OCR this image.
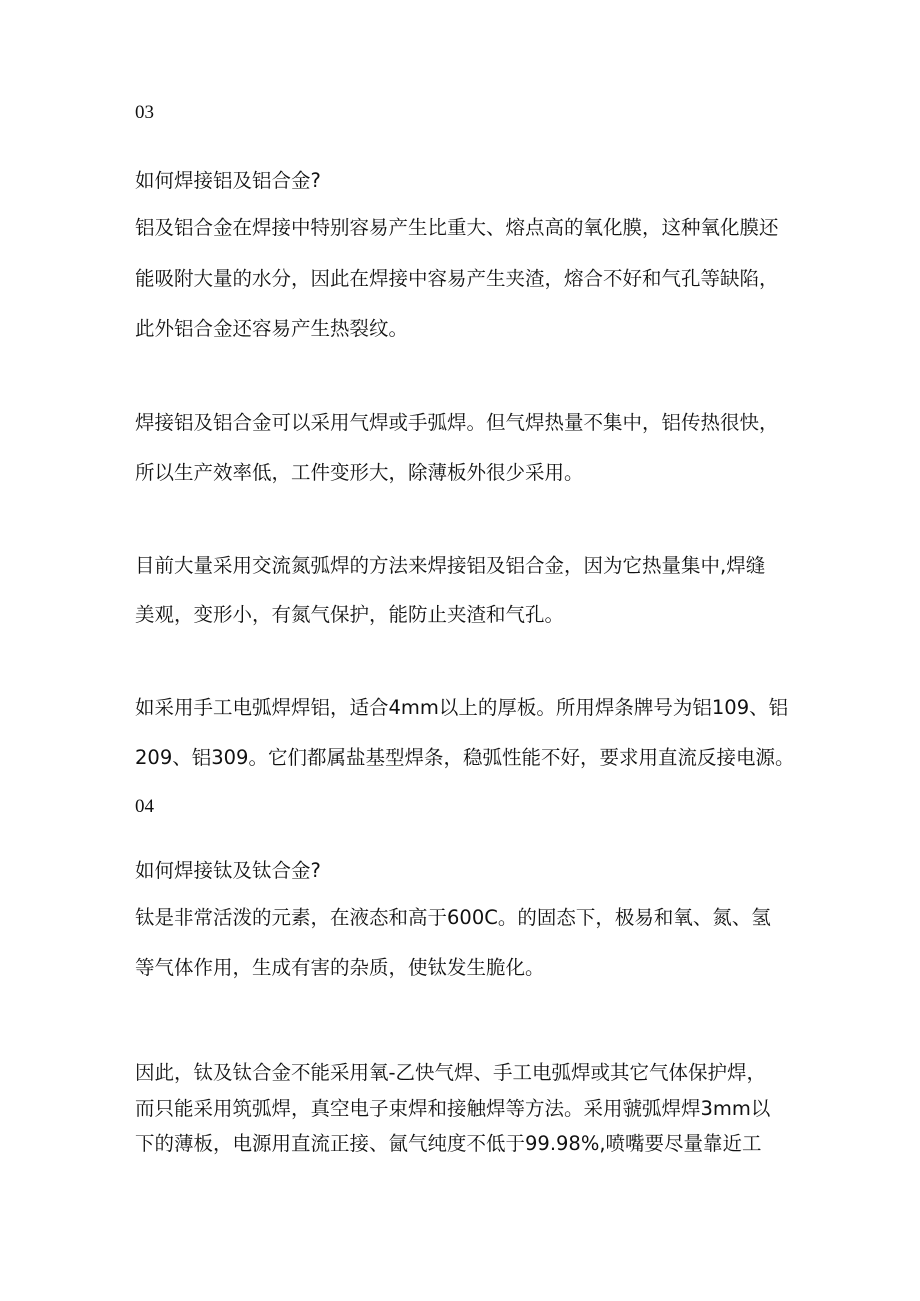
03

如何焊接铝及铝合金?

铝及铝合金在焊接中特别容易产生比重大、熔点高的氧化膜，这种氧化膜还

能吸附大量的水分，因此在焊接中容易产生夹渣，熔合不好和气孔等缺陷，

此外铝合金还容易产生热裂纹。

焊接铝及铝合金可以采用气焊或手弧焊。但气焊热量不集中，铝传热很快，

所以生产效率低，工件变形大，除薄板外很少采用。

目前大量采用交流氮弧焊的方法来焊接铝及铝合金，因为它热量集中,焊缝

美观，变形小，有氮气保护，能防止夹渣和气孔。

如采用手工电弧焊焊铝，适合4mm以上的厚板。所用焊条牌号为铝109、铝

209、铝309。它们都属盐基型焊条，稳弧性能不好，要求用直流反接电源。

04

如何焊接钛及钛合金?

钛是非常活泼的元素，在液态和高于600C。的固态下，极易和氧、氮、氢

等气体作用，生成有害的杂质，使钛发生脆化。

因此，钛及钛合金不能采用氧-乙快气焊、手工电弧焊或其它气体保护焊，

而只能采用筑弧焊，真空电子束焊和接触焊等方法。采用虢弧焊焊3mm以

下的薄板，电源用直流正接、氤气纯度不低于99.98%,喷嘴要尽量靠近工
